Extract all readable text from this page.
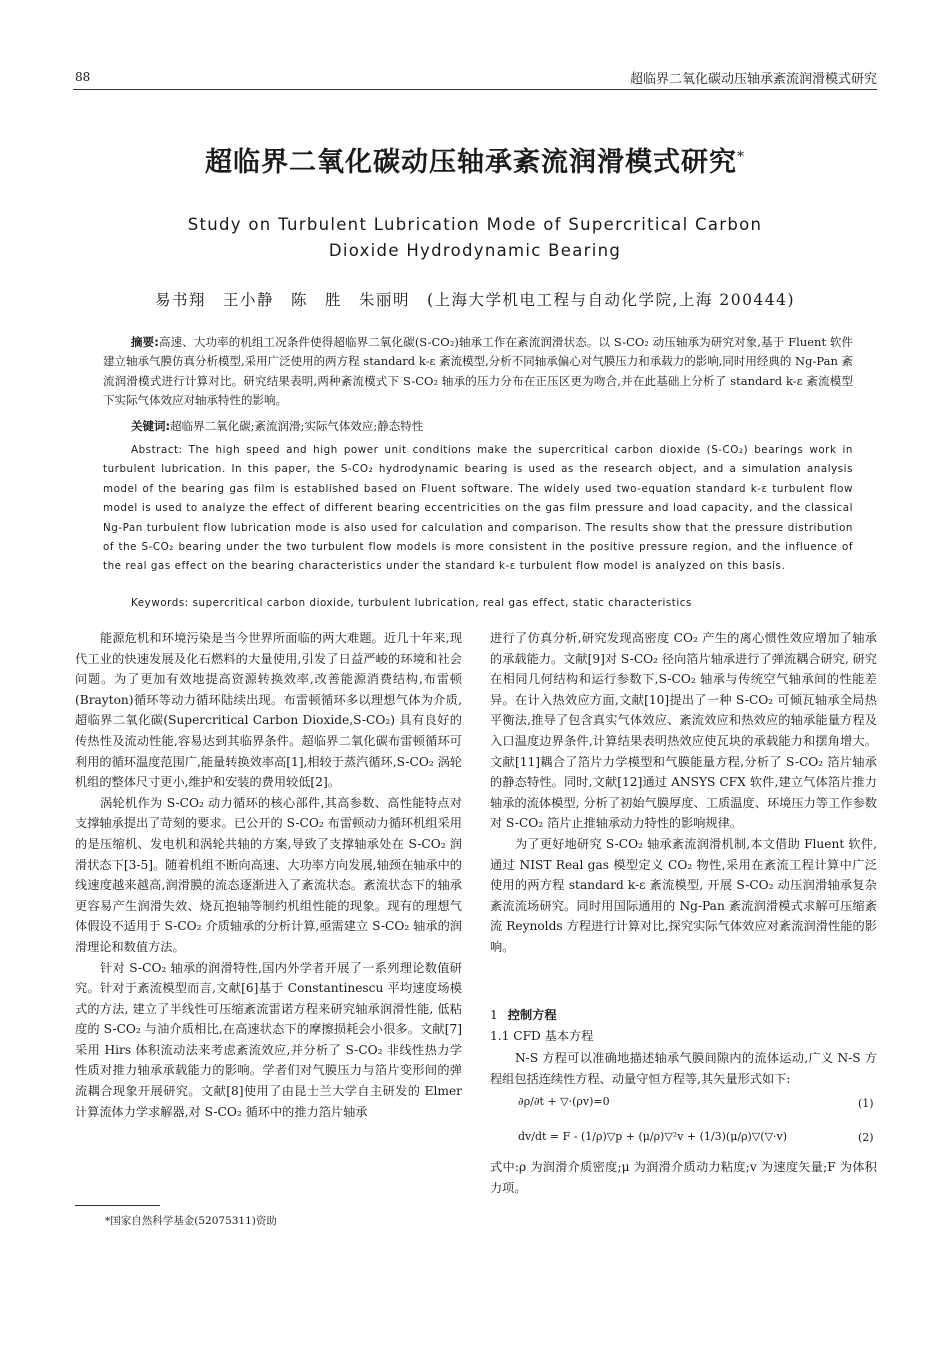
88	超临界二氧化碳动压轴承紊流润滑模式研究
超临界二氧化碳动压轴承紊流润滑模式研究*
Study on Turbulent Lubrication Mode of Supercritical Carbon
Dioxide Hydrodynamic Bearing
易书翔　王小静　陈　胜　朱丽明　(上海大学机电工程与自动化学院,上海 200444)
摘要:高速、大功率的机组工况条件使得超临界二氧化碳(S-CO₂)轴承工作在紊流润滑状态。以 S-CO₂ 动压轴承为研究对象,基于 Fluent 软件建立轴承气膜仿真分析模型,采用广泛使用的两方程 standard k-ε 紊流模型,分析不同轴承偏心对气膜压力和承载力的影响,同时用经典的 Ng-Pan 紊流润滑模式进行计算对比。研究结果表明,两种紊流模式下 S-CO₂ 轴承的压力分布在正压区更为吻合,并在此基础上分析了 standard k-ε 紊流模型下实际气体效应对轴承特性的影响。
关键词:超临界二氧化碳;紊流润滑;实际气体效应;静态特性
Abstract: The high speed and high power unit conditions make the supercritical carbon dioxide (S-CO₂) bearings work in turbulent lubrication. In this paper, the S-CO₂ hydrodynamic bearing is used as the research object, and a simulation analysis model of the bearing gas film is established based on Fluent software. The widely used two-equation standard k-ε turbulent flow model is used to analyze the effect of different bearing eccentricities on the gas film pressure and load capacity, and the classical Ng-Pan turbulent flow lubrication mode is also used for calculation and comparison. The results show that the pressure distribution of the S-CO₂ bearing under the two turbulent flow models is more consistent in the positive pressure region, and the influence of the real gas effect on the bearing characteristics under the standard k-ε turbulent flow model is analyzed on this basis.
Keywords: supercritical carbon dioxide, turbulent lubrication, real gas effect, static characteristics

能源危机和环境污染是当今世界所面临的两大难题。近几十年来,现代工业的快速发展及化石燃料的大量使用,引发了日益严峻的环境和社会问题。为了更加有效地提高资源转换效率,改善能源消费结构,布雷顿(Brayton)循环等动力循环陆续出现。布雷顿循环多以理想气体为介质,超临界二氧化碳(Supercritical Carbon Dioxide,S-CO₂) 具有良好的传热性及流动性能,容易达到其临界条件。超临界二氧化碳布雷顿循环可利用的循环温度范围广,能量转换效率高[1],相较于蒸汽循环,S-CO₂ 涡轮机组的整体尺寸更小,维护和安装的费用较低[2]。

涡轮机作为 S-CO₂ 动力循环的核心部件,其高参数、高性能特点对支撑轴承提出了苛刻的要求。已公开的 S-CO₂ 布雷顿动力循环机组采用的是压缩机、发电机和涡轮共轴的方案,导致了支撑轴承处在 S-CO₂ 润滑状态下[3-5]。随着机组不断向高速、大功率方向发展,轴颈在轴承中的线速度越来越高,润滑膜的流态逐渐进入了紊流状态。紊流状态下的轴承更容易产生润滑失效、烧瓦抱轴等制约机组性能的现象。现有的理想气体假设不适用于 S-CO₂ 介质轴承的分析计算,亟需建立 S-CO₂ 轴承的润滑理论和数值方法。

针对 S-CO₂ 轴承的润滑特性,国内外学者开展了一系列理论数值研究。针对于紊流模型而言,文献[6]基于 Constantinescu 平均速度场模式的方法, 建立了半线性可压缩紊流雷诺方程来研究轴承润滑性能, 低粘度的 S-CO₂ 与油介质相比,在高速状态下的摩擦损耗会小很多。文献[7]采用 Hirs 体积流动法来考虑紊流效应,并分析了 S-CO₂ 非线性热力学性质对推力轴承承载能力的影响。学者们对气膜压力与箔片变形间的弹流耦合现象开展研究。文献[8]使用了由昆士兰大学自主研发的 Elmer 计算流体力学求解器,对 S-CO₂ 循环中的推力箔片轴承

进行了仿真分析,研究发现高密度 CO₂ 产生的离心惯性效应增加了轴承的承载能力。文献[9]对 S-CO₂ 径向箔片轴承进行了弹流耦合研究, 研究在相同几何结构和运行参数下,S-CO₂ 轴承与传统空气轴承间的性能差异。在计入热效应方面,文献[10]提出了一种 S-CO₂ 可倾瓦轴承全局热平衡法,推导了包含真实气体效应、紊流效应和热效应的轴承能量方程及入口温度边界条件,计算结果表明热效应使瓦块的承载能力和摆角增大。文献[11]耦合了箔片力学模型和气膜能量方程,分析了 S-CO₂ 箔片轴承的静态特性。同时,文献[12]通过 ANSYS CFX 软件,建立气体箔片推力轴承的流体模型, 分析了初始气膜厚度、工质温度、环境压力等工作参数对 S-CO₂ 箔片止推轴承动力特性的影响规律。

为了更好地研究 S-CO₂ 轴承紊流润滑机制,本文借助 Fluent 软件,通过 NIST Real gas 模型定义 CO₂ 物性,采用在紊流工程计算中广泛使用的两方程 standard k-ε 紊流模型, 开展 S-CO₂ 动压润滑轴承复杂紊流流场研究。同时用国际通用的 Ng-Pan 紊流润滑模式求解可压缩紊流 Reynolds 方程进行计算对比,探究实际气体效应对紊流润滑性能的影响。

1 控制方程
1.1 CFD 基本方程

N-S 方程可以准确地描述轴承气膜间隙内的流体运动,广义 N-S 方程组包括连续性方程、动量守恒方程等,其矢量形式如下:

∂ρ/∂t + ▽·(ρv)=0	(1)
dv/dt = F - (1/ρ)▽p + (μ/ρ)▽²v + (1/3)(μ/ρ)▽(▽·v)	(2)

式中:ρ 为润滑介质密度;μ 为润滑介质动力粘度;v 为速度矢量;F 为体积力项。

*国家自然科学基金(52075311)资助
